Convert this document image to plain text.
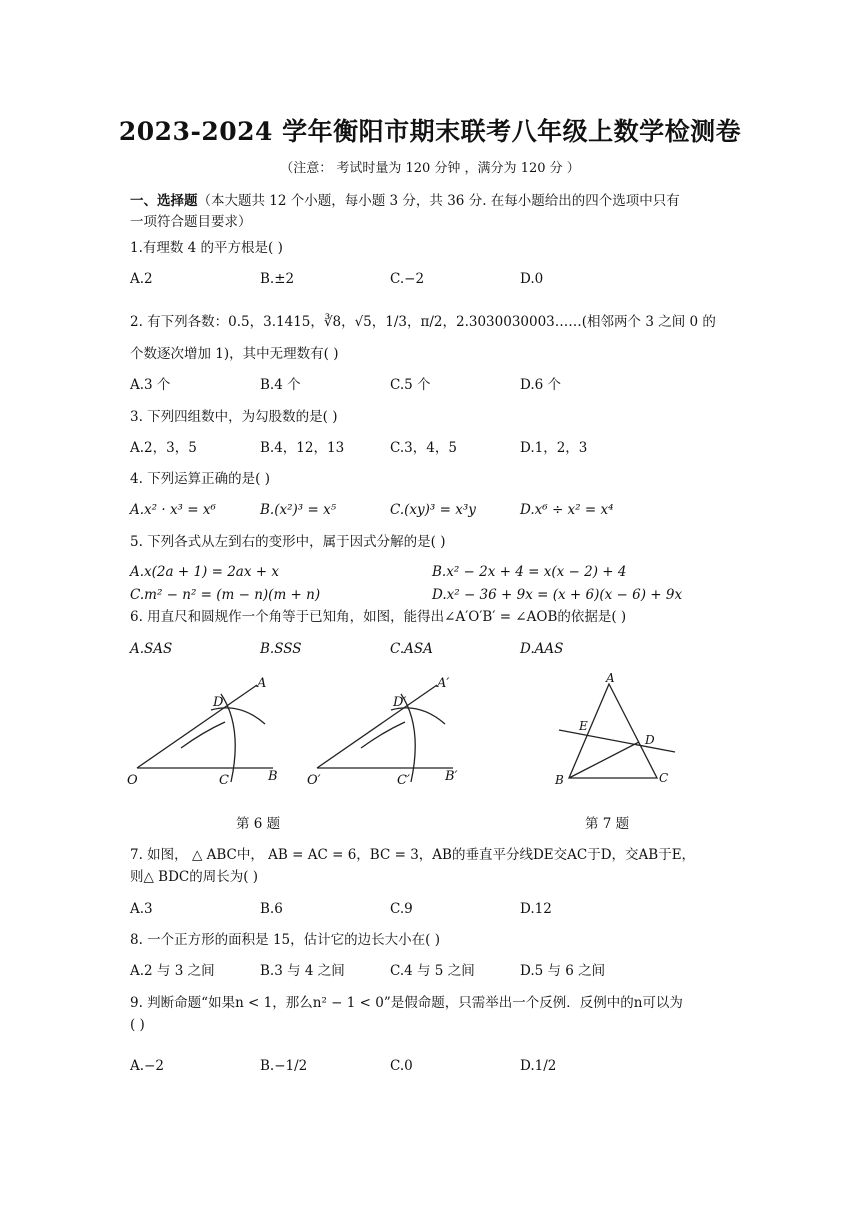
2023-2024 学年衡阳市期末联考八年级上数学检测卷
（注意： 考试时量为 120 分钟 ，满分为 120 分 ）
一、选择题（本大题共 12 个小题，每小题 3 分，共 36 分. 在每小题给出的四个选项中只有
一项符合题目要求）
1.有理数 4 的平方根是( )
A.2	B.±2	C.−2	D.0
2. 有下列各数：0.5，3.1415，∛8，√5，1/3，π/2，2.3030030003……(相邻两个 3 之间 0 的
个数逐次增加 1)，其中无理数有( )
A.3 个	B.4 个	C.5 个	D.6 个
3. 下列四组数中，为勾股数的是( )
A.2，3，5	B.4，12，13	C.3，4，5	D.1，2，3
4. 下列运算正确的是( )
A.x² · x³ = x⁶	B.(x²)³ = x⁵	C.(xy)³ = x³y	D.x⁶ ÷ x² = x⁴
5. 下列各式从左到右的变形中，属于因式分解的是( )
A.x(2a + 1) = 2ax + x	B.x² − 2x + 4 = x(x − 2) + 4
C.m² − n² = (m − n)(m + n)	D.x² − 36 + 9x = (x + 6)(x − 6) + 9x
6. 用直尺和圆规作一个角等于已知角，如图，能得出∠A′O′B′ = ∠AOB的依据是( )
A.SAS	B.SSS	C.ASA	D.AAS
A
D
O	C	B
A′
D′
O′	C′	B′
A
E
D
B	C
第 6 题	第 7 题
7. 如图， △ ABC中， AB = AC = 6，BC = 3，AB的垂直平分线DE交AC于D，交AB于E，
则△ BDC的周长为( )
A.3	B.6	C.9	D.12
8. 一个正方形的面积是 15，估计它的边长大小在( )
A.2 与 3 之间	B.3 与 4 之间	C.4 与 5 之间	D.5 与 6 之间
9. 判断命题“如果n < 1，那么n² − 1 < 0”是假命题，只需举出一个反例．反例中的n可以为
( )
A.−2	B.−1/2	C.0	D.1/2
